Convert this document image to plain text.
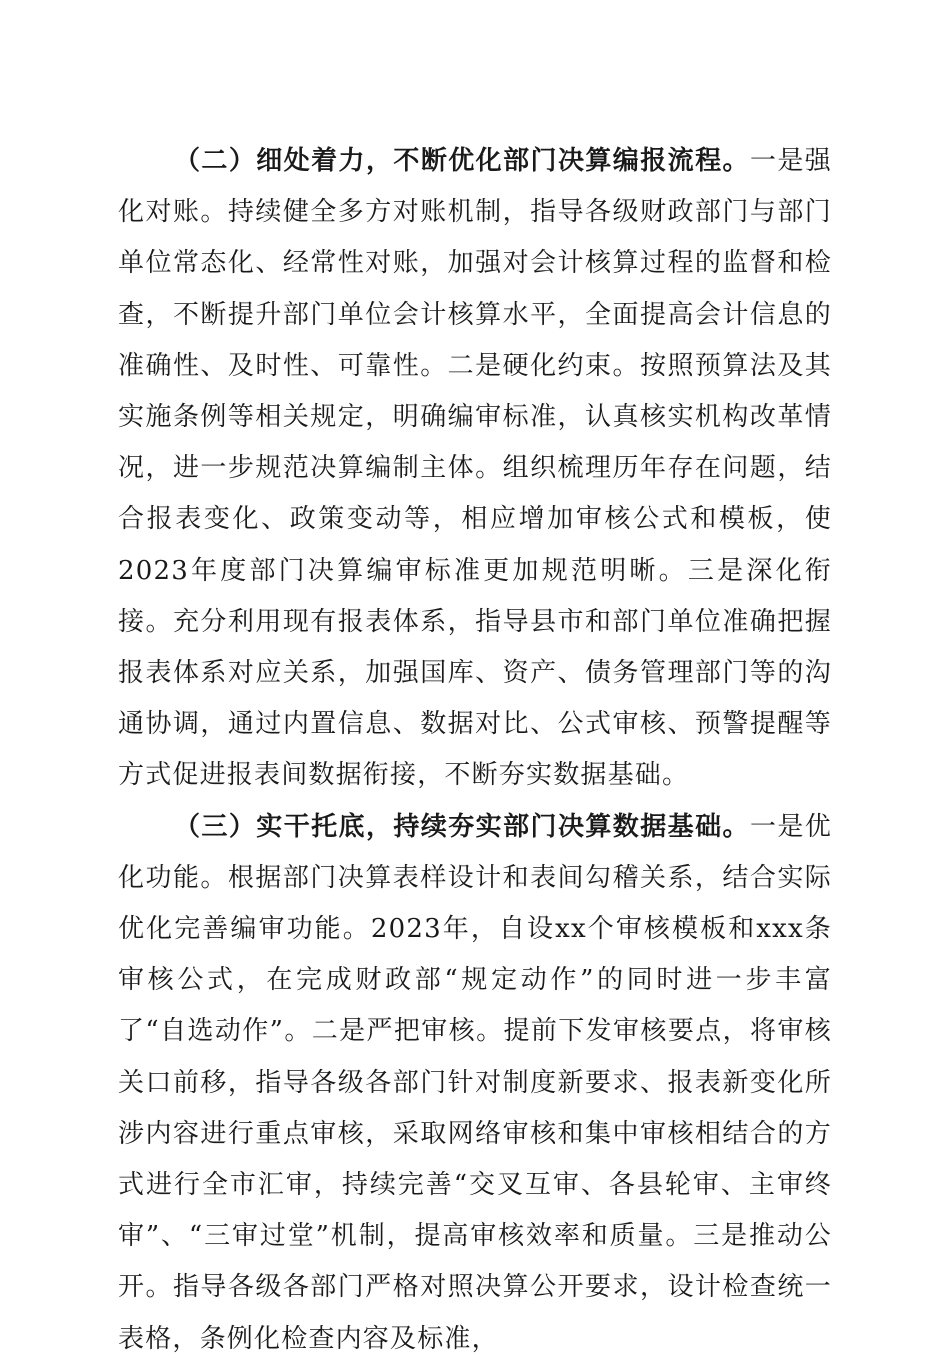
（二）细处着力，不断优化部门决算编报流程。一是强化对账。持续健全多方对账机制，指导各级财政部门与部门单位常态化、经常性对账，加强对会计核算过程的监督和检查，不断提升部门单位会计核算水平，全面提高会计信息的准确性、及时性、可靠性。二是硬化约束。按照预算法及其实施条例等相关规定，明确编审标准，认真核实机构改革情况，进一步规范决算编制主体。组织梳理历年存在问题，结合报表变化、政策变动等，相应增加审核公式和模板，使2023年度部门决算编审标准更加规范明晰。三是深化衔接。充分利用现有报表体系，指导县市和部门单位准确把握报表体系对应关系，加强国库、资产、债务管理部门等的沟通协调，通过内置信息、数据对比、公式审核、预警提醒等方式促进报表间数据衔接，不断夯实数据基础。

（三）实干托底，持续夯实部门决算数据基础。一是优化功能。根据部门决算表样设计和表间勾稽关系，结合实际优化完善编审功能。2023年，自设xx个审核模板和xxx条审核公式，在完成财政部“规定动作”的同时进一步丰富了“自选动作”。二是严把审核。提前下发审核要点，将审核关口前移，指导各级各部门针对制度新要求、报表新变化所涉内容进行重点审核，采取网络审核和集中审核相结合的方式进行全市汇审，持续完善“交叉互审、各县轮审、主审终审”、“三审过堂”机制，提高审核效率和质量。三是推动公开。指导各级各部门严格对照决算公开要求，设计检查统一表格，条例化检查内容及标准，
